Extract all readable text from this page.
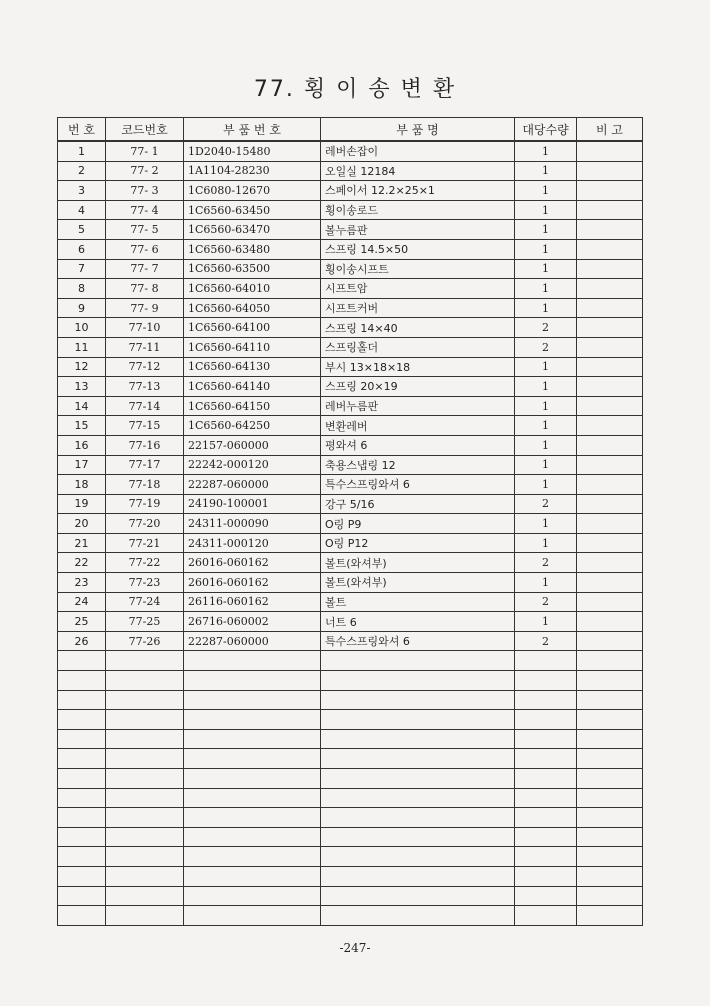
77. 횡 이 송 변 환
번 호	코드번호	부 품 번 호	부 품 명	대당수량	비 고
1	77- 1	1D2040-15480	레버손잡이	1	
2	77- 2	1A1104-28230	오일실 12184	1	
3	77- 3	1C6080-12670	스페이서 12.2×25×1	1	
4	77- 4	1C6560-63450	횡이송로드	1	
5	77- 5	1C6560-63470	볼누름판	1	
6	77- 6	1C6560-63480	스프링 14.5×50	1	
7	77- 7	1C6560-63500	횡이송시프트	1	
8	77- 8	1C6560-64010	시프트암	1	
9	77- 9	1C6560-64050	시프트커버	1	
10	77-10	1C6560-64100	스프링 14×40	2	
11	77-11	1C6560-64110	스프링홀더	2	
12	77-12	1C6560-64130	부시 13×18×18	1	
13	77-13	1C6560-64140	스프링 20×19	1	
14	77-14	1C6560-64150	레버누름판	1	
15	77-15	1C6560-64250	변환레버	1	
16	77-16	22157-060000	평와셔 6	1	
17	77-17	22242-000120	축용스냅링 12	1	
18	77-18	22287-060000	특수스프링와셔 6	1	
19	77-19	24190-100001	강구 5/16	2	
20	77-20	24311-000090	O링 P9	1	
21	77-21	24311-000120	O링 P12	1	
22	77-22	26016-060162	볼트(와셔부)	2	
23	77-23	26016-060162	볼트(와셔부)	1	
24	77-24	26116-060162	볼트	2	
25	77-25	26716-060002	너트 6	1	
26	77-26	22287-060000	특수스프링와셔 6	2	

-247-
